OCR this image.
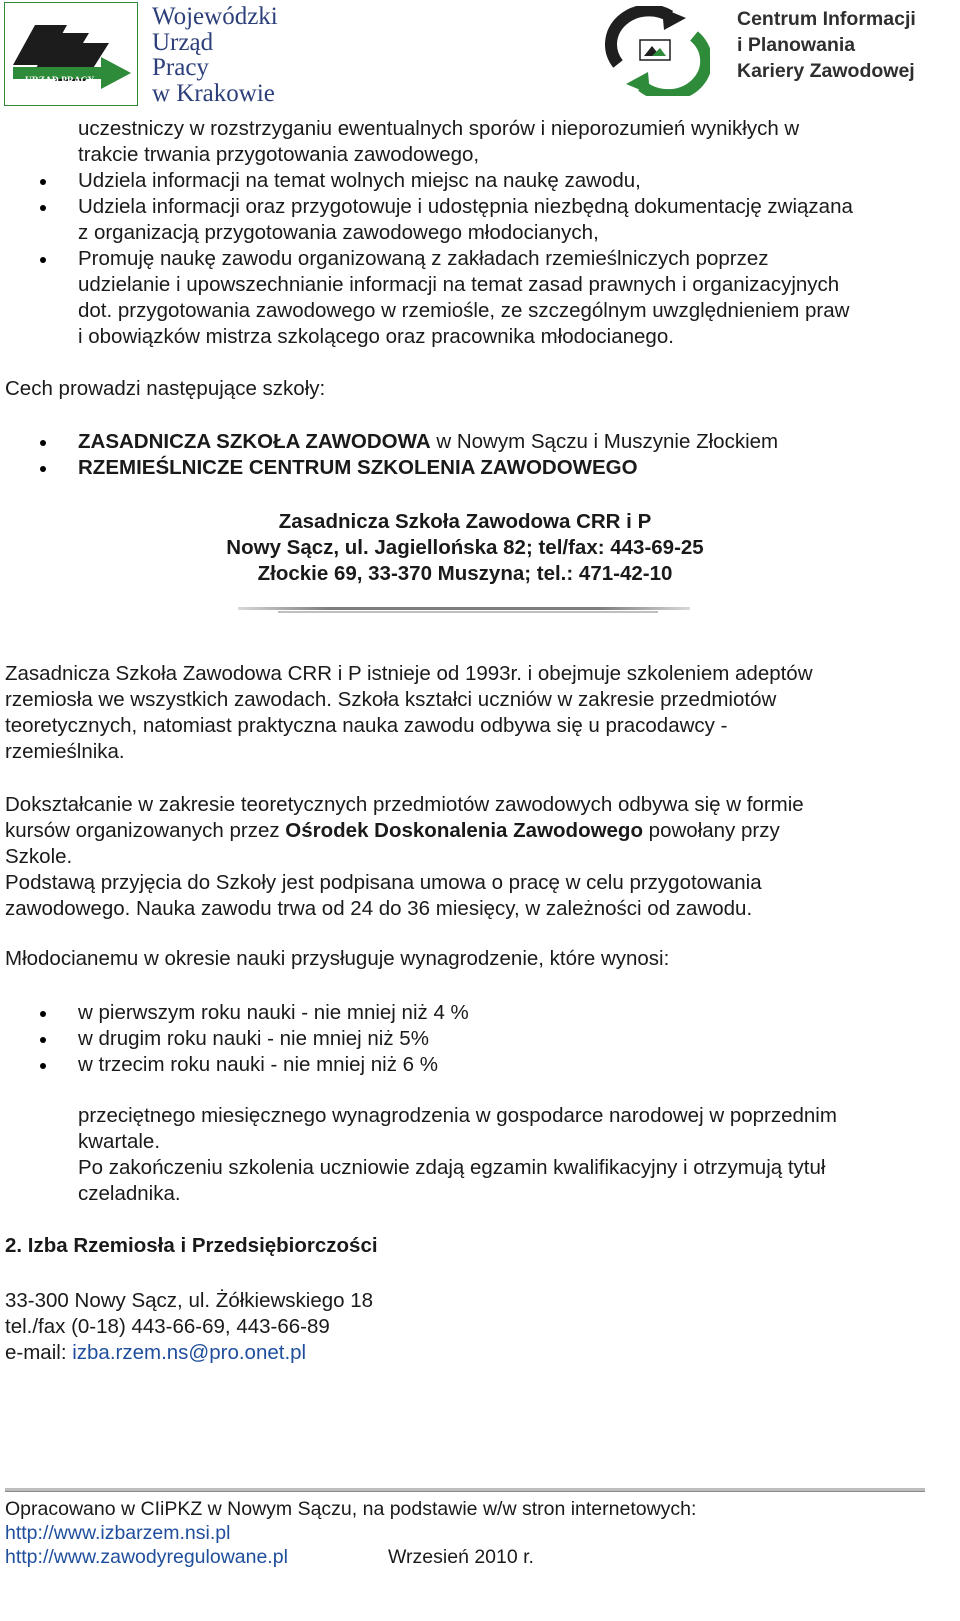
URZĄD PRACY
Wojewódzki
Urząd
Pracy
w Krakowie
Centrum Informacji
i Planowania
Kariery Zawodowej
uczestniczy w rozstrzyganiu ewentualnych sporów i nieporozumień wynikłych w
trakcie trwania przygotowania zawodowego,
Udziela informacji na temat wolnych miejsc na naukę zawodu,
Udziela informacji oraz przygotowuje i udostępnia niezbędną dokumentację związana
z organizacją przygotowania zawodowego młodocianych,
Promuję naukę zawodu organizowaną z zakładach rzemieślniczych poprzez
udzielanie i upowszechnianie informacji na temat zasad prawnych i organizacyjnych
dot. przygotowania zawodowego w rzemiośle, ze szczególnym uwzględnieniem praw
i obowiązków mistrza szkolącego oraz pracownika młodocianego.
Cech prowadzi następujące szkoły:
ZASADNICZA SZKOŁA ZAWODOWA w Nowym Sączu i Muszynie Złockiem
RZEMIEŚLNICZE CENTRUM SZKOLENIA ZAWODOWEGO
Zasadnicza Szkoła Zawodowa CRR i P
Nowy Sącz, ul. Jagiellońska 82; tel/fax: 443-69-25
Złockie 69, 33-370 Muszyna; tel.: 471-42-10
Zasadnicza Szkoła Zawodowa CRR i P istnieje od 1993r. i obejmuje szkoleniem adeptów
rzemiosła we wszystkich zawodach. Szkoła kształci uczniów w zakresie przedmiotów
teoretycznych, natomiast praktyczna nauka zawodu odbywa się u pracodawcy -
rzemieślnika.
Dokształcanie w zakresie teoretycznych przedmiotów zawodowych odbywa się w formie
kursów organizowanych przez Ośrodek Doskonalenia Zawodowego powołany przy
Szkole.
Podstawą przyjęcia do Szkoły jest podpisana umowa o pracę w celu przygotowania
zawodowego. Nauka zawodu trwa od 24 do 36 miesięcy, w zależności od zawodu.
Młodocianemu w okresie nauki przysługuje wynagrodzenie, które wynosi:
w pierwszym roku nauki - nie mniej niż 4 %
w drugim roku nauki - nie mniej niż 5%
w trzecim roku nauki - nie mniej niż 6 %
przeciętnego miesięcznego wynagrodzenia w gospodarce narodowej w poprzednim
kwartale.
Po zakończeniu szkolenia uczniowie zdają egzamin kwalifikacyjny i otrzymują tytuł
czeladnika.
2. Izba Rzemiosła i Przedsiębiorczości
33-300 Nowy Sącz, ul. Żółkiewskiego 18
tel./fax (0-18) 443-66-69, 443-66-89
e-mail: izba.rzem.ns@pro.onet.pl
Opracowano w CIiPKZ w Nowym Sączu, na podstawie w/w stron internetowych:
http://www.izbarzem.nsi.pl
http://www.zawodyregulowane.pl	Wrzesień 2010 r.
